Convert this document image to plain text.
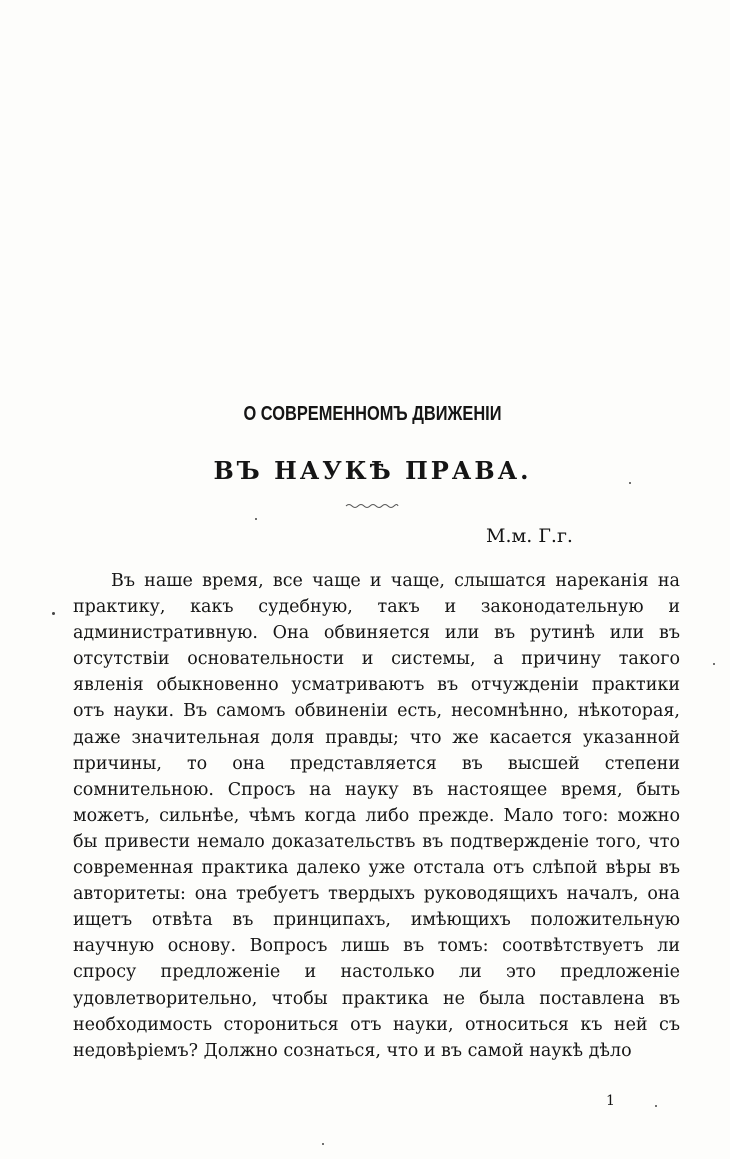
О СОВРЕМЕННОМЪ ДВИЖЕНІИ
ВЪ НАУКѢ ПРАВА.
М.м. Г.г.

Въ наше время, все чаще и чаще, слышатся нареканія на практику, какъ судебную, такъ и законодательную и административную. Она обвиняется или въ рутинѣ или въ отсутствіи основательности и системы, а причину такого явленія обыкновенно усматриваютъ въ отчужденіи практики отъ науки. Въ самомъ обвиненіи есть, несомнѣнно, нѣкоторая, даже значительная доля правды; что же касается указанной причины, то она представляется въ высшей степени сомнительною. Спросъ на науку въ настоящее время, быть можетъ, сильнѣе, чѣмъ когда либо прежде. Мало того: можно бы привести немало доказательствъ въ подтвержденіе того, что современная практика далеко уже отстала отъ слѣпой вѣры въ авторитеты: она требуетъ твердыхъ руководящихъ началъ, она ищетъ отвѣта въ принципахъ, имѣющихъ положительную научную основу. Вопросъ лишь въ томъ: соотвѣтствуетъ ли спросу предложеніе и настолько ли это предложеніе удовлетворительно, чтобы практика не была поставлена въ необходимость сторониться отъ науки, относиться къ ней съ недовѣріемъ? Должно сознаться, что и въ самой наукѣ дѣло

1
